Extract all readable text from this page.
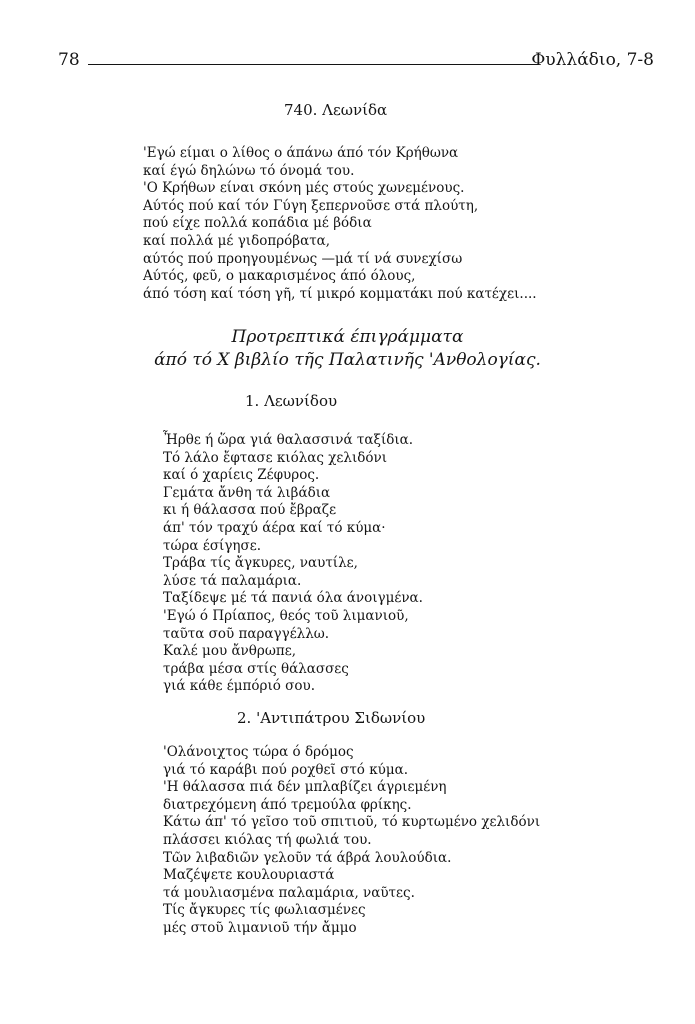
78	Φυλλάδιο, 7-8
740. Λεωνίδα
'Εγώ είμαι ο λίθος ο άπάνω άπό τόν Κρήθωνα
καί έγώ δηλώνω τό όνομά του.
'Ο Κρήθων είναι σκόνη μές στούς χωνεμένους.
Αύτός πού καί τόν Γύγη ξεπερνοῦσε στά πλούτη,
πού είχε πολλά κοπάδια μέ βόδια
καί πολλά μέ γιδοπρόβατα,
αύτός πού προηγουμένως —μά τί νά συνεχίσω
Αύτός, φεῦ, ο μακαρισμένος άπό όλους,
άπό τόση καί τόση γῆ, τί μικρό κομματάκι πού κατέχει....
Προτρεπτικά έπιγράμματα
άπό τό Χ βιβλίο τῆς Παλατινῆς 'Ανθολογίας.
1. Λεωνίδου
Ἦρθε ή ὥρα γιά θαλασσινά ταξίδια.
Τό λάλο ἔφτασε κιόλας χελιδόνι
καί ό χαρίεις Ζέφυρος.
Γεμάτα ἄνθη τά λιβάδια
κι ή θάλασσα πού ἔβραζε
άπ' τόν τραχύ άέρα καί τό κύμα·
τώρα έσίγησε.
Τράβα τίς ἄγκυρες, ναυτίλε,
λύσε τά παλαμάρια.
Ταξίδεψε μέ τά πανιά όλα άνοιγμένα.
'Εγώ ό Πρίαπος, θεός τοῦ λιμανιοῦ,
ταῦτα σοῦ παραγγέλλω.
Καλέ μου ἄνθρωπε,
τράβα μέσα στίς θάλασσες
γιά κάθε έμπόριό σου.
2. 'Αντιπάτρου Σιδωνίου
'Ολάνοιχτος τώρα ό δρόμος
γιά τό καράβι πού ροχθεῖ στό κύμα.
'Η θάλασσα πιά δέν μπλαβίζει άγριεμένη
διατρεχόμενη άπό τρεμούλα φρίκης.
Κάτω άπ' τό γεῖσο τοῦ σπιτιοῦ, τό κυρτωμένο χελιδόνι
πλάσσει κιόλας τή φωλιά του.
Τῶν λιβαδιῶν γελοῦν τά άβρά λουλούδια.
Μαζέψετε κουλουριαστά
τά μουλιασμένα παλαμάρια, ναῦτες.
Τίς ἄγκυρες τίς φωλιασμένες
μές στοῦ λιμανιοῦ τήν ἄμμο
